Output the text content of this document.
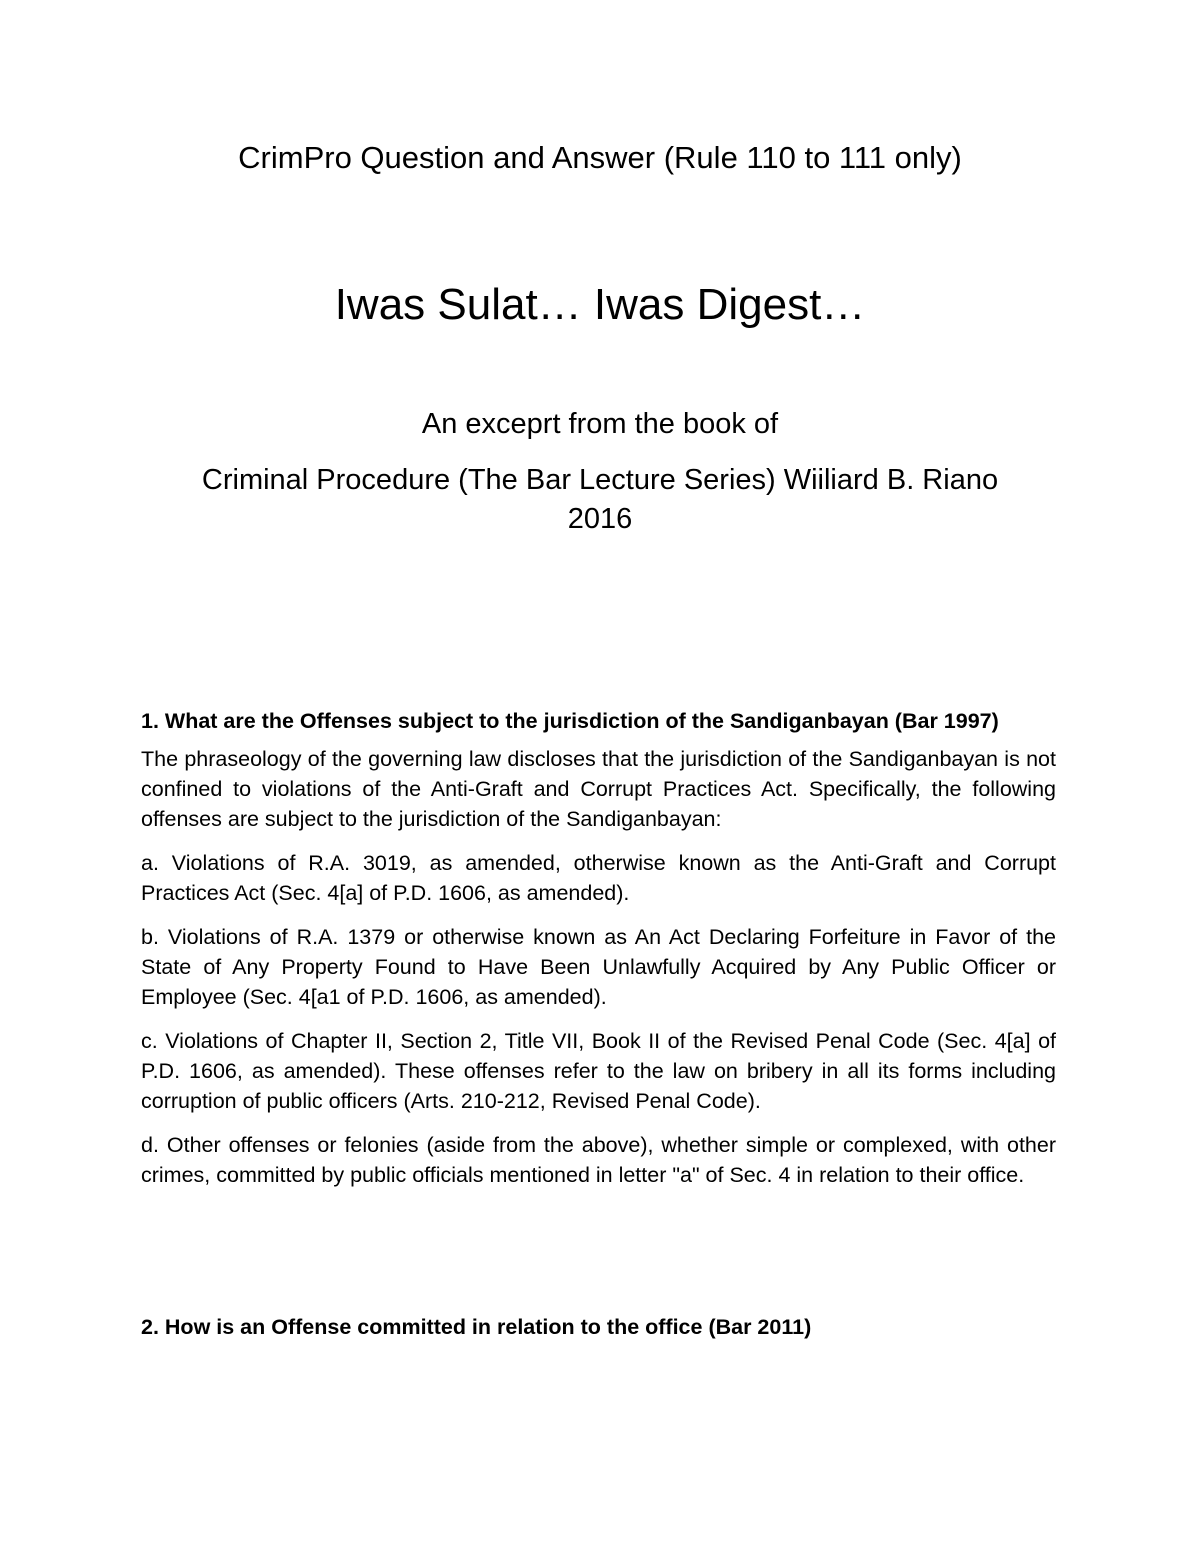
CrimPro Question and Answer (Rule 110 to 111 only)
Iwas Sulat… Iwas Digest…

An exceprt from the book of

Criminal Procedure (The Bar Lecture Series) Wiiliard B. Riano

2016

1. What are the Offenses subject to the jurisdiction of the Sandiganbayan (Bar 1997)

The phraseology of the governing law discloses that the jurisdiction of the Sandiganbayan is not confined to violations of the Anti-Graft and Corrupt Practices Act. Specifically, the following offenses are subject to the jurisdiction of the Sandiganbayan:

a. Violations of R.A. 3019, as amended, otherwise known as the Anti-Graft and Corrupt Practices Act (Sec. 4[a] of P.D. 1606, as amended).

b. Violations of R.A. 1379 or otherwise known as An Act Declaring Forfeiture in Favor of the State of Any Property Found to Have Been Unlawfully Acquired by Any Public Officer or Employee (Sec. 4[a1 of P.D. 1606, as amended).

c. Violations of Chapter II, Section 2, Title VII, Book II of the Revised Penal Code (Sec. 4[a] of P.D. 1606, as amended). These offenses refer to the law on bribery in all its forms including corruption of public officers (Arts. 210-212, Revised Penal Code).

d. Other offenses or felonies (aside from the above), whether simple or complexed, with other crimes, committed by public officials mentioned in letter "a" of Sec. 4 in relation to their office.

2. How is an Offense committed in relation to the office (Bar 2011)
